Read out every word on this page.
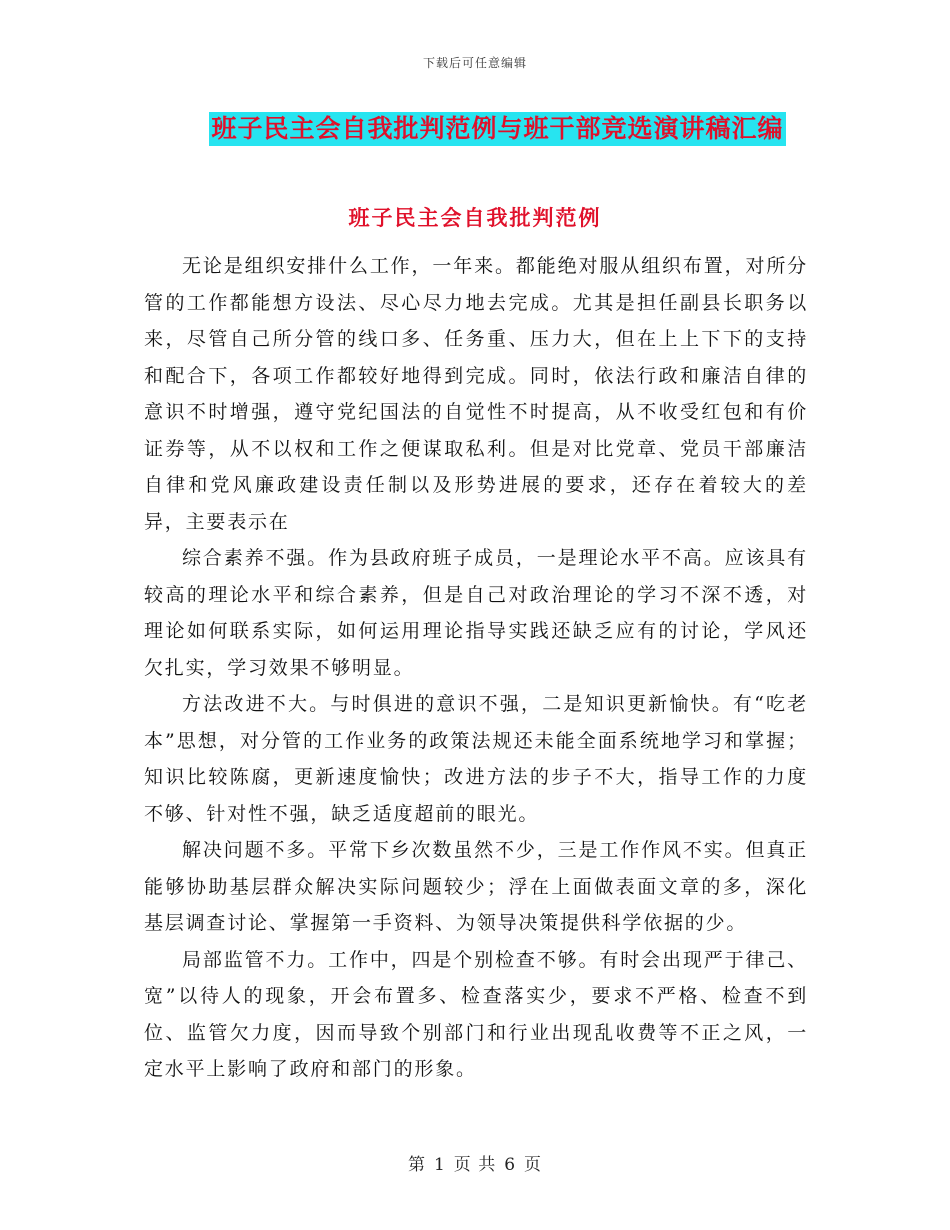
下载后可任意编辑
班子民主会自我批判范例与班干部竞选演讲稿汇编
班子民主会自我批判范例

无论是组织安排什么工作，一年来。都能绝对服从组织布置，对所分管的工作都能想方设法、尽心尽力地去完成。尤其是担任副县长职务以来，尽管自己所分管的线口多、任务重、压力大，但在上上下下的支持和配合下，各项工作都较好地得到完成。同时，依法行政和廉洁自律的意识不时增强，遵守党纪国法的自觉性不时提高，从不收受红包和有价证券等，从不以权和工作之便谋取私利。但是对比党章、党员干部廉洁自律和党风廉政建设责任制以及形势进展的要求，还存在着较大的差异，主要表示在

综合素养不强。作为县政府班子成员，一是理论水平不高。应该具有较高的理论水平和综合素养，但是自己对政治理论的学习不深不透，对理论如何联系实际，如何运用理论指导实践还缺乏应有的讨论，学风还欠扎实，学习效果不够明显。

方法改进不大。与时俱进的意识不强，二是知识更新愉快。有“吃老本”思想，对分管的工作业务的政策法规还未能全面系统地学习和掌握；知识比较陈腐，更新速度愉快；改进方法的步子不大，指导工作的力度不够、针对性不强，缺乏适度超前的眼光。

解决问题不多。平常下乡次数虽然不少，三是工作作风不实。但真正能够协助基层群众解决实际问题较少；浮在上面做表面文章的多，深化基层调查讨论、掌握第一手资料、为领导决策提供科学依据的少。

局部监管不力。工作中，四是个别检查不够。有时会出现严于律己、宽”以待人的现象，开会布置多、检查落实少，要求不严格、检查不到位、监管欠力度，因而导致个别部门和行业出现乱收费等不正之风，一定水平上影响了政府和部门的形象。

第 1 页 共 6 页
